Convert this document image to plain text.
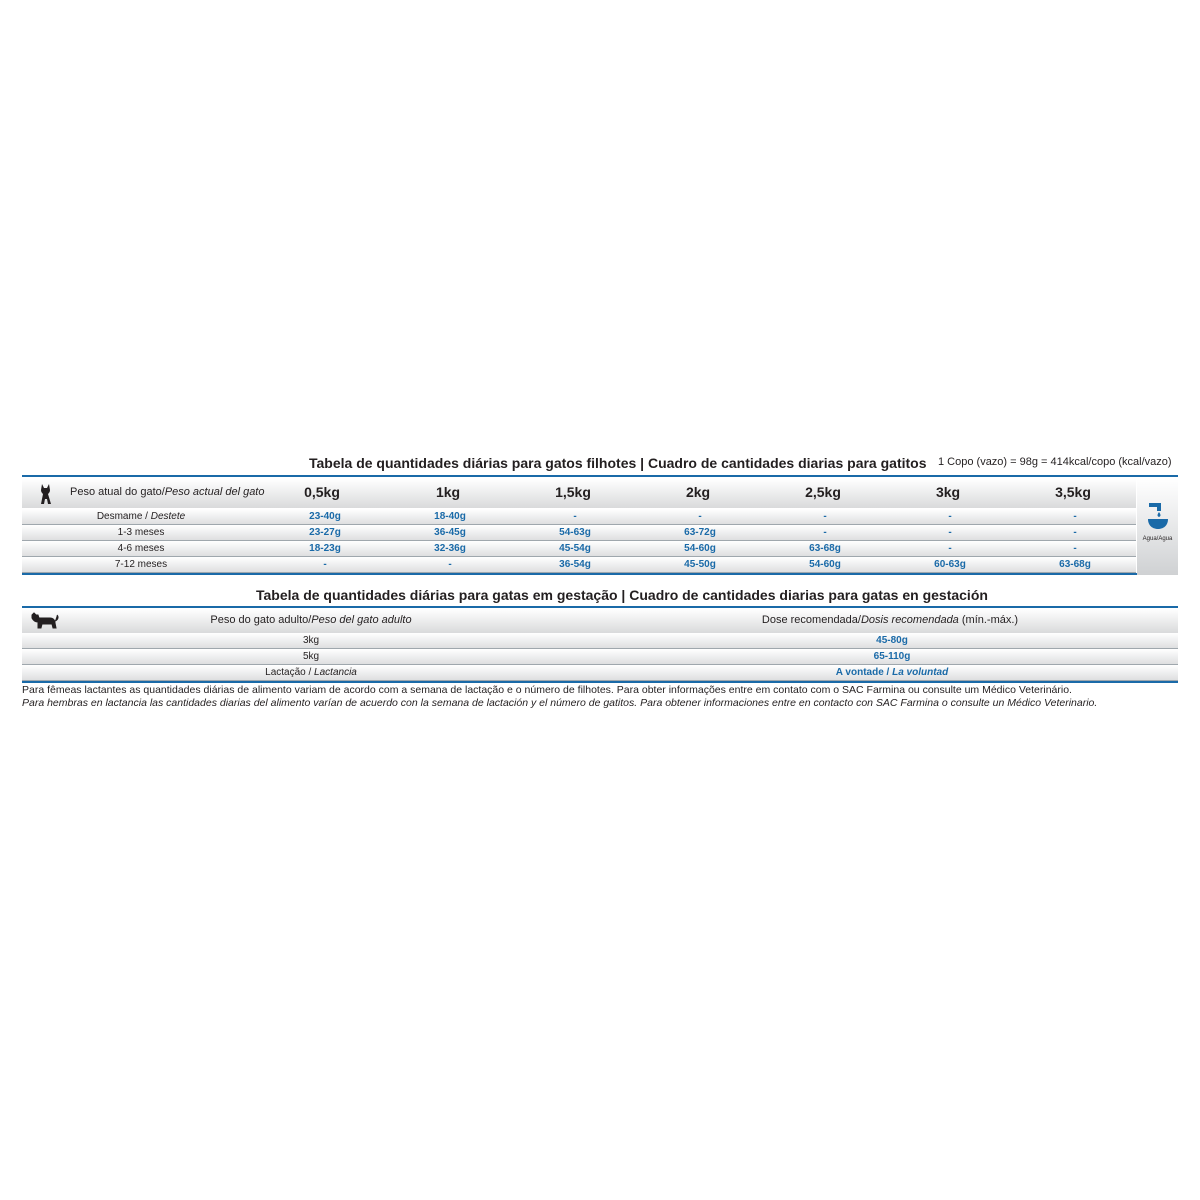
Tabela de quantidades diárias para gatos filhotes | Cuadro de cantidades diarias para gatitos 1 Copo (vazo) = 98g = 414kcal/copo (kcal/vazo)
Peso atual do gato/Peso actual del gato	0,5kg	1kg	1,5kg	2kg	2,5kg	3kg	3,5kg
Desmame / Destete	23-40g	18-40g	-	-	-	-	-
1-3 meses	23-27g	36-45g	54-63g	63-72g	-	-	-
4-6 meses	18-23g	32-36g	45-54g	54-60g	63-68g	-	-
7-12 meses	-	-	36-54g	45-50g	54-60g	60-63g	63-68g
Agua/Agua
Tabela de quantidades diárias para gatas em gestação | Cuadro de cantidades diarias para gatas en gestación
Peso do gato adulto/Peso del gato adulto	Dose recomendada/Dosis recomendada (mín.-máx.)
3kg	45-80g
5kg	65-110g
Lactação / Lactancia	A vontade / La voluntad
Para fêmeas lactantes as quantidades diárias de alimento variam de acordo com a semana de lactação e o número de filhotes. Para obter informações entre em contato com o SAC Farmina ou consulte um Médico Veterinário.
Para hembras en lactancia las cantidades diarias del alimento varían de acuerdo con la semana de lactación y el número de gatitos. Para obtener informaciones entre en contacto con SAC Farmina o consulte un Médico Veterinario.
